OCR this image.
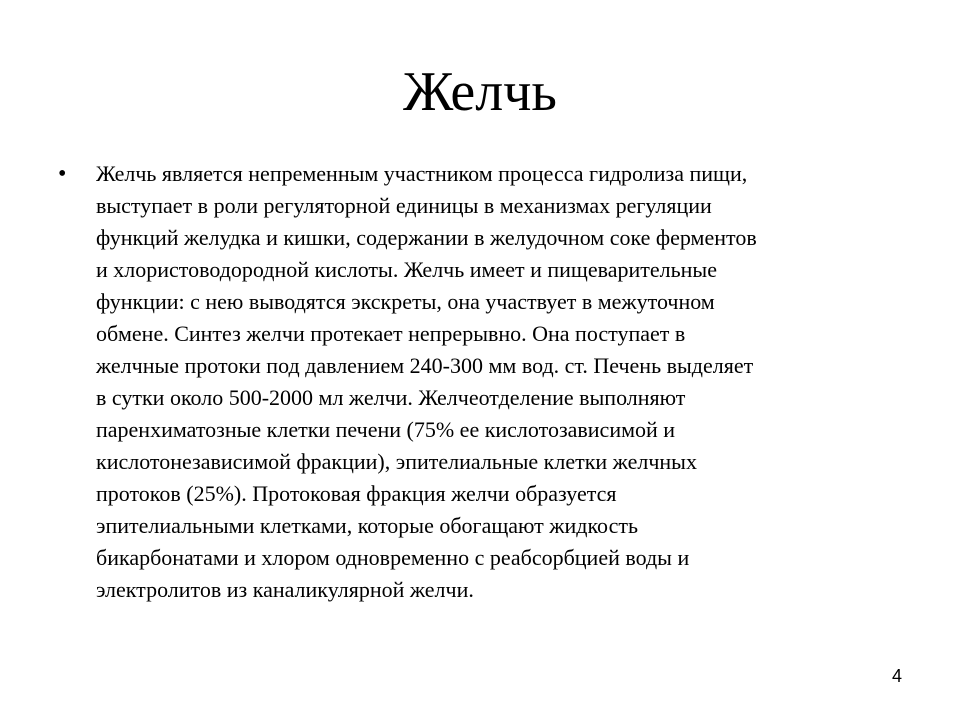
Желчь
• Желчь является непременным участником процесса гидролиза пищи,
выступает в роли регуляторной единицы в механизмах регуляции
функций желудка и кишки, содержании в желудочном соке ферментов
и хлористоводородной кислоты. Желчь имеет и пищеварительные
функции: с нею выводятся экскреты, она участвует в межуточном
обмене. Синтез желчи протекает непрерывно. Она поступает в
желчные протоки под давлением 240-300 мм вод. ст. Печень выделяет
в сутки около 500-2000 мл желчи. Желчеотделение выполняют
паренхиматозные клетки печени (75% ее кислотозависимой и
кислотонезависимой фракции), эпителиальные клетки желчных
протоков (25%). Протоковая фракция желчи образуется
эпителиальными клетками, которые обогащают жидкость
бикарбонатами и хлором одновременно с реабсорбцией воды и
электролитов из каналикулярной желчи.

4
